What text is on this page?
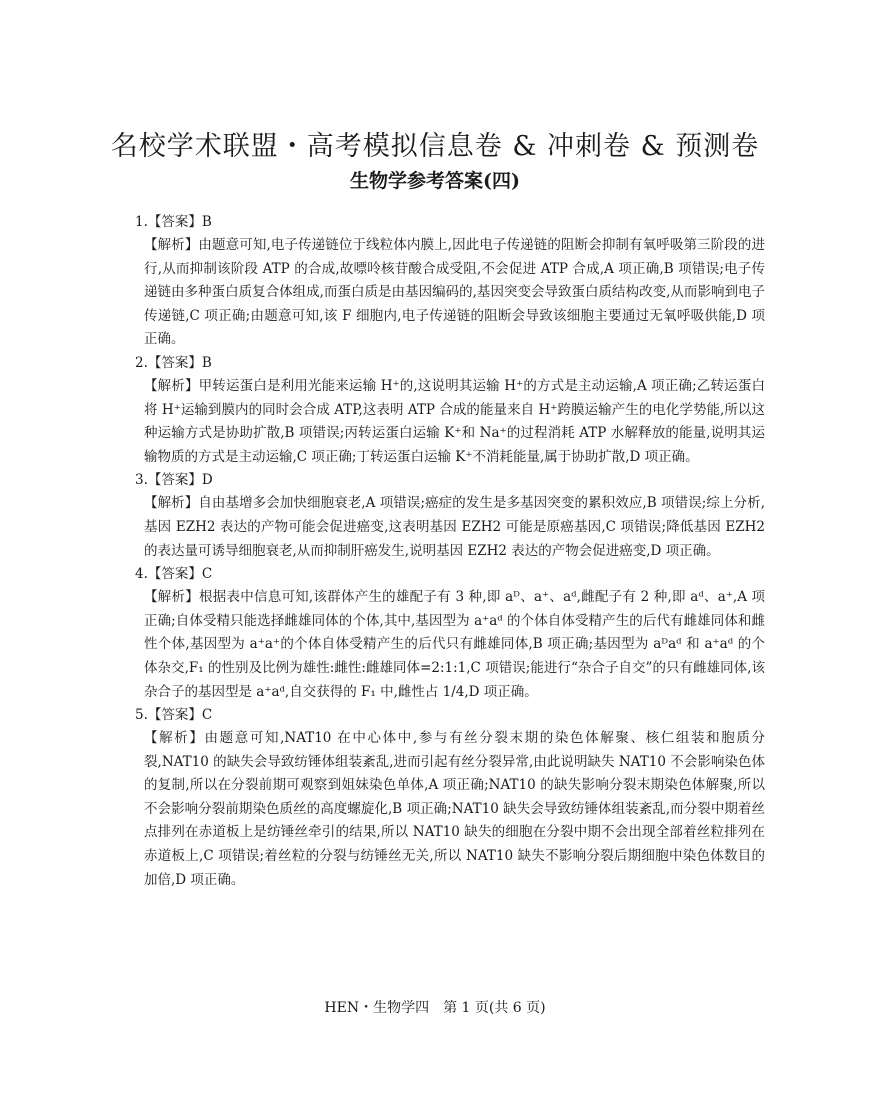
名校学术联盟・高考模拟信息卷 & 冲刺卷 & 预测卷
生物学参考答案(四)
1.【答案】B
【解析】由题意可知,电子传递链位于线粒体内膜上,因此电子传递链的阻断会抑制有氧呼吸第三阶段的进行,从而抑制该阶段 ATP 的合成,故嘌呤核苷酸合成受阻,不会促进 ATP 合成,A 项正确,B 项错误;电子传递链由多种蛋白质复合体组成,而蛋白质是由基因编码的,基因突变会导致蛋白质结构改变,从而影响到电子传递链,C 项正确;由题意可知,该 F 细胞内,电子传递链的阻断会导致该细胞主要通过无氧呼吸供能,D 项正确。
2.【答案】B
【解析】甲转运蛋白是利用光能来运输 H⁺的,这说明其运输 H⁺的方式是主动运输,A 项正确;乙转运蛋白将 H⁺运输到膜内的同时会合成 ATP,这表明 ATP 合成的能量来自 H⁺跨膜运输产生的电化学势能,所以这种运输方式是协助扩散,B 项错误;丙转运蛋白运输 K⁺和 Na⁺的过程消耗 ATP 水解释放的能量,说明其运输物质的方式是主动运输,C 项正确;丁转运蛋白运输 K⁺不消耗能量,属于协助扩散,D 项正确。
3.【答案】D
【解析】自由基增多会加快细胞衰老,A 项错误;癌症的发生是多基因突变的累积效应,B 项错误;综上分析,基因 EZH2 表达的产物可能会促进癌变,这表明基因 EZH2 可能是原癌基因,C 项错误;降低基因 EZH2 的表达量可诱导细胞衰老,从而抑制肝癌发生,说明基因 EZH2 表达的产物会促进癌变,D 项正确。
4.【答案】C
【解析】根据表中信息可知,该群体产生的雄配子有 3 种,即 aᴰ、a⁺、aᵈ,雌配子有 2 种,即 aᵈ、a⁺,A 项正确;自体受精只能选择雌雄同体的个体,其中,基因型为 a⁺aᵈ 的个体自体受精产生的后代有雌雄同体和雌性个体,基因型为 a⁺a⁺的个体自体受精产生的后代只有雌雄同体,B 项正确;基因型为 aᴰaᵈ 和 a⁺aᵈ 的个体杂交,F₁ 的性别及比例为雄性:雌性:雌雄同体=2:1:1,C 项错误;能进行“杂合子自交”的只有雌雄同体,该杂合子的基因型是 a⁺aᵈ,自交获得的 F₁ 中,雌性占 1/4,D 项正确。
5.【答案】C
【解析】由题意可知,NAT10 在中心体中,参与有丝分裂末期的染色体解聚、核仁组装和胞质分裂,NAT10 的缺失会导致纺锤体组装紊乱,进而引起有丝分裂异常,由此说明缺失 NAT10 不会影响染色体的复制,所以在分裂前期可观察到姐妹染色单体,A 项正确;NAT10 的缺失影响分裂末期染色体解聚,所以不会影响分裂前期染色质丝的高度螺旋化,B 项正确;NAT10 缺失会导致纺锤体组装紊乱,而分裂中期着丝点排列在赤道板上是纺锤丝牵引的结果,所以 NAT10 缺失的细胞在分裂中期不会出现全部着丝粒排列在赤道板上,C 项错误;着丝粒的分裂与纺锤丝无关,所以 NAT10 缺失不影响分裂后期细胞中染色体数目的加倍,D 项正确。
HEN・生物学四　第 1 页(共 6 页)
